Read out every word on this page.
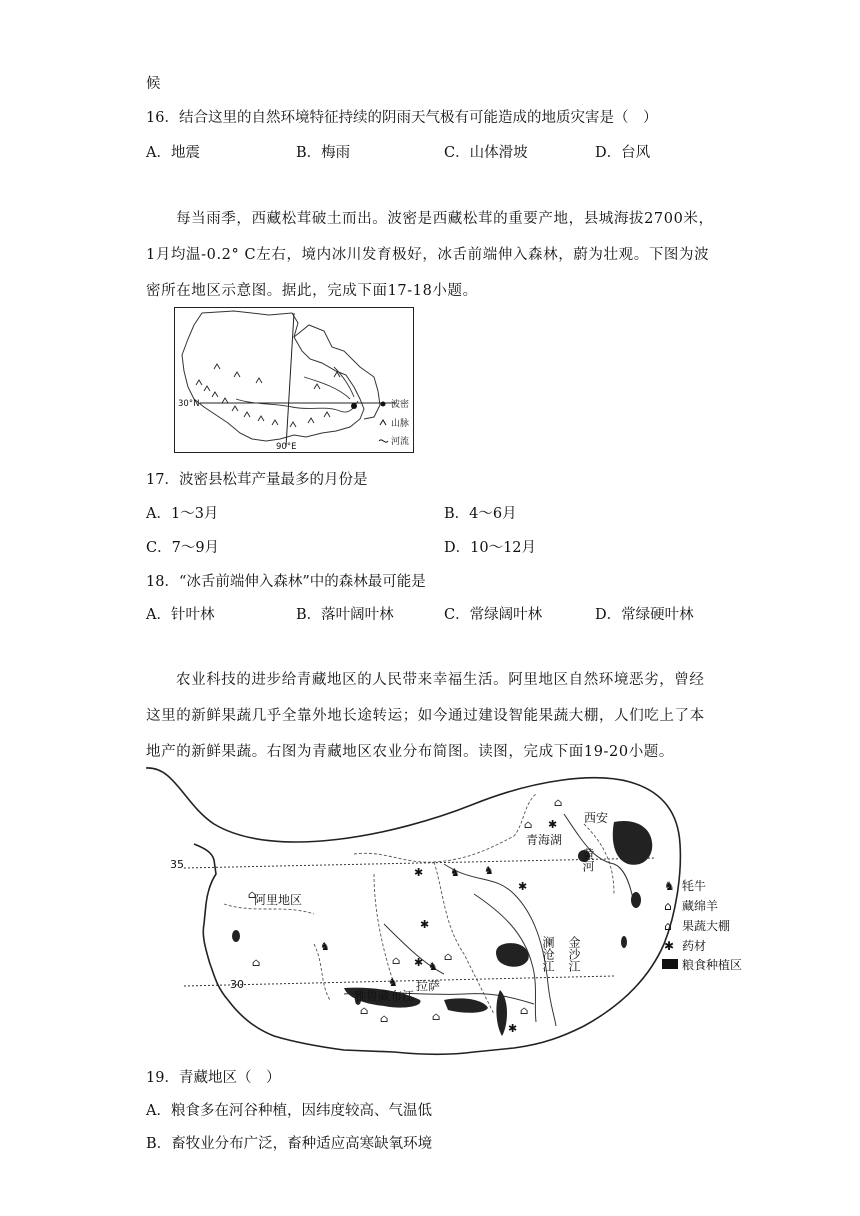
候
16．结合这里的自然环境特征持续的阴雨天气极有可能造成的地质灾害是（　）
A．地震	B．梅雨	C．山体滑坡	D．台风
每当雨季，西藏松茸破土而出。波密是西藏松茸的重要产地，县城海拔2700米，1月均温-0.2° C左右，境内冰川发育极好，冰舌前端伸入森林，蔚为壮观。下图为波密所在地区示意图。据此，完成下面17-18小题。
30°N
90°E
波密
山脉
河流
17．波密县松茸产量最多的月份是
A．1～3月	B．4～6月
C．7～9月	D．10～12月
18．“冰舌前端伸入森林”中的森林最可能是
A．针叶林	B．落叶阔叶林	C．常绿阔叶林	D．常绿硬叶林
农业科技的进步给青藏地区的人民带来幸福生活。阿里地区自然环境恶劣，曾经这里的新鲜果蔬几乎全靠外地长途转运；如今通过建设智能果蔬大棚，人们吃上了本地产的新鲜果蔬。右图为青藏地区农业分布简图。读图，完成下面19-20小题。
35
30
⌂
⌂ ✱
✱ ♞ ♞
✱
✱
♞
⌂ ✱ ⌂
♞
♞
⌂
⌂
⌂
⌂	⌂	⌂
✱
西安
青海湖
阿里地区
拉萨
雅鲁藏布江
黄河
澜沧江 金沙江
♞ 牦牛
⌂ 藏绵羊
⌂ 果蔬大棚
✱ 药材
粮食种植区
19．青藏地区（　）
A．粮食多在河谷种植，因纬度较高、气温低
B．畜牧业分布广泛，畜种适应高寒缺氧环境
